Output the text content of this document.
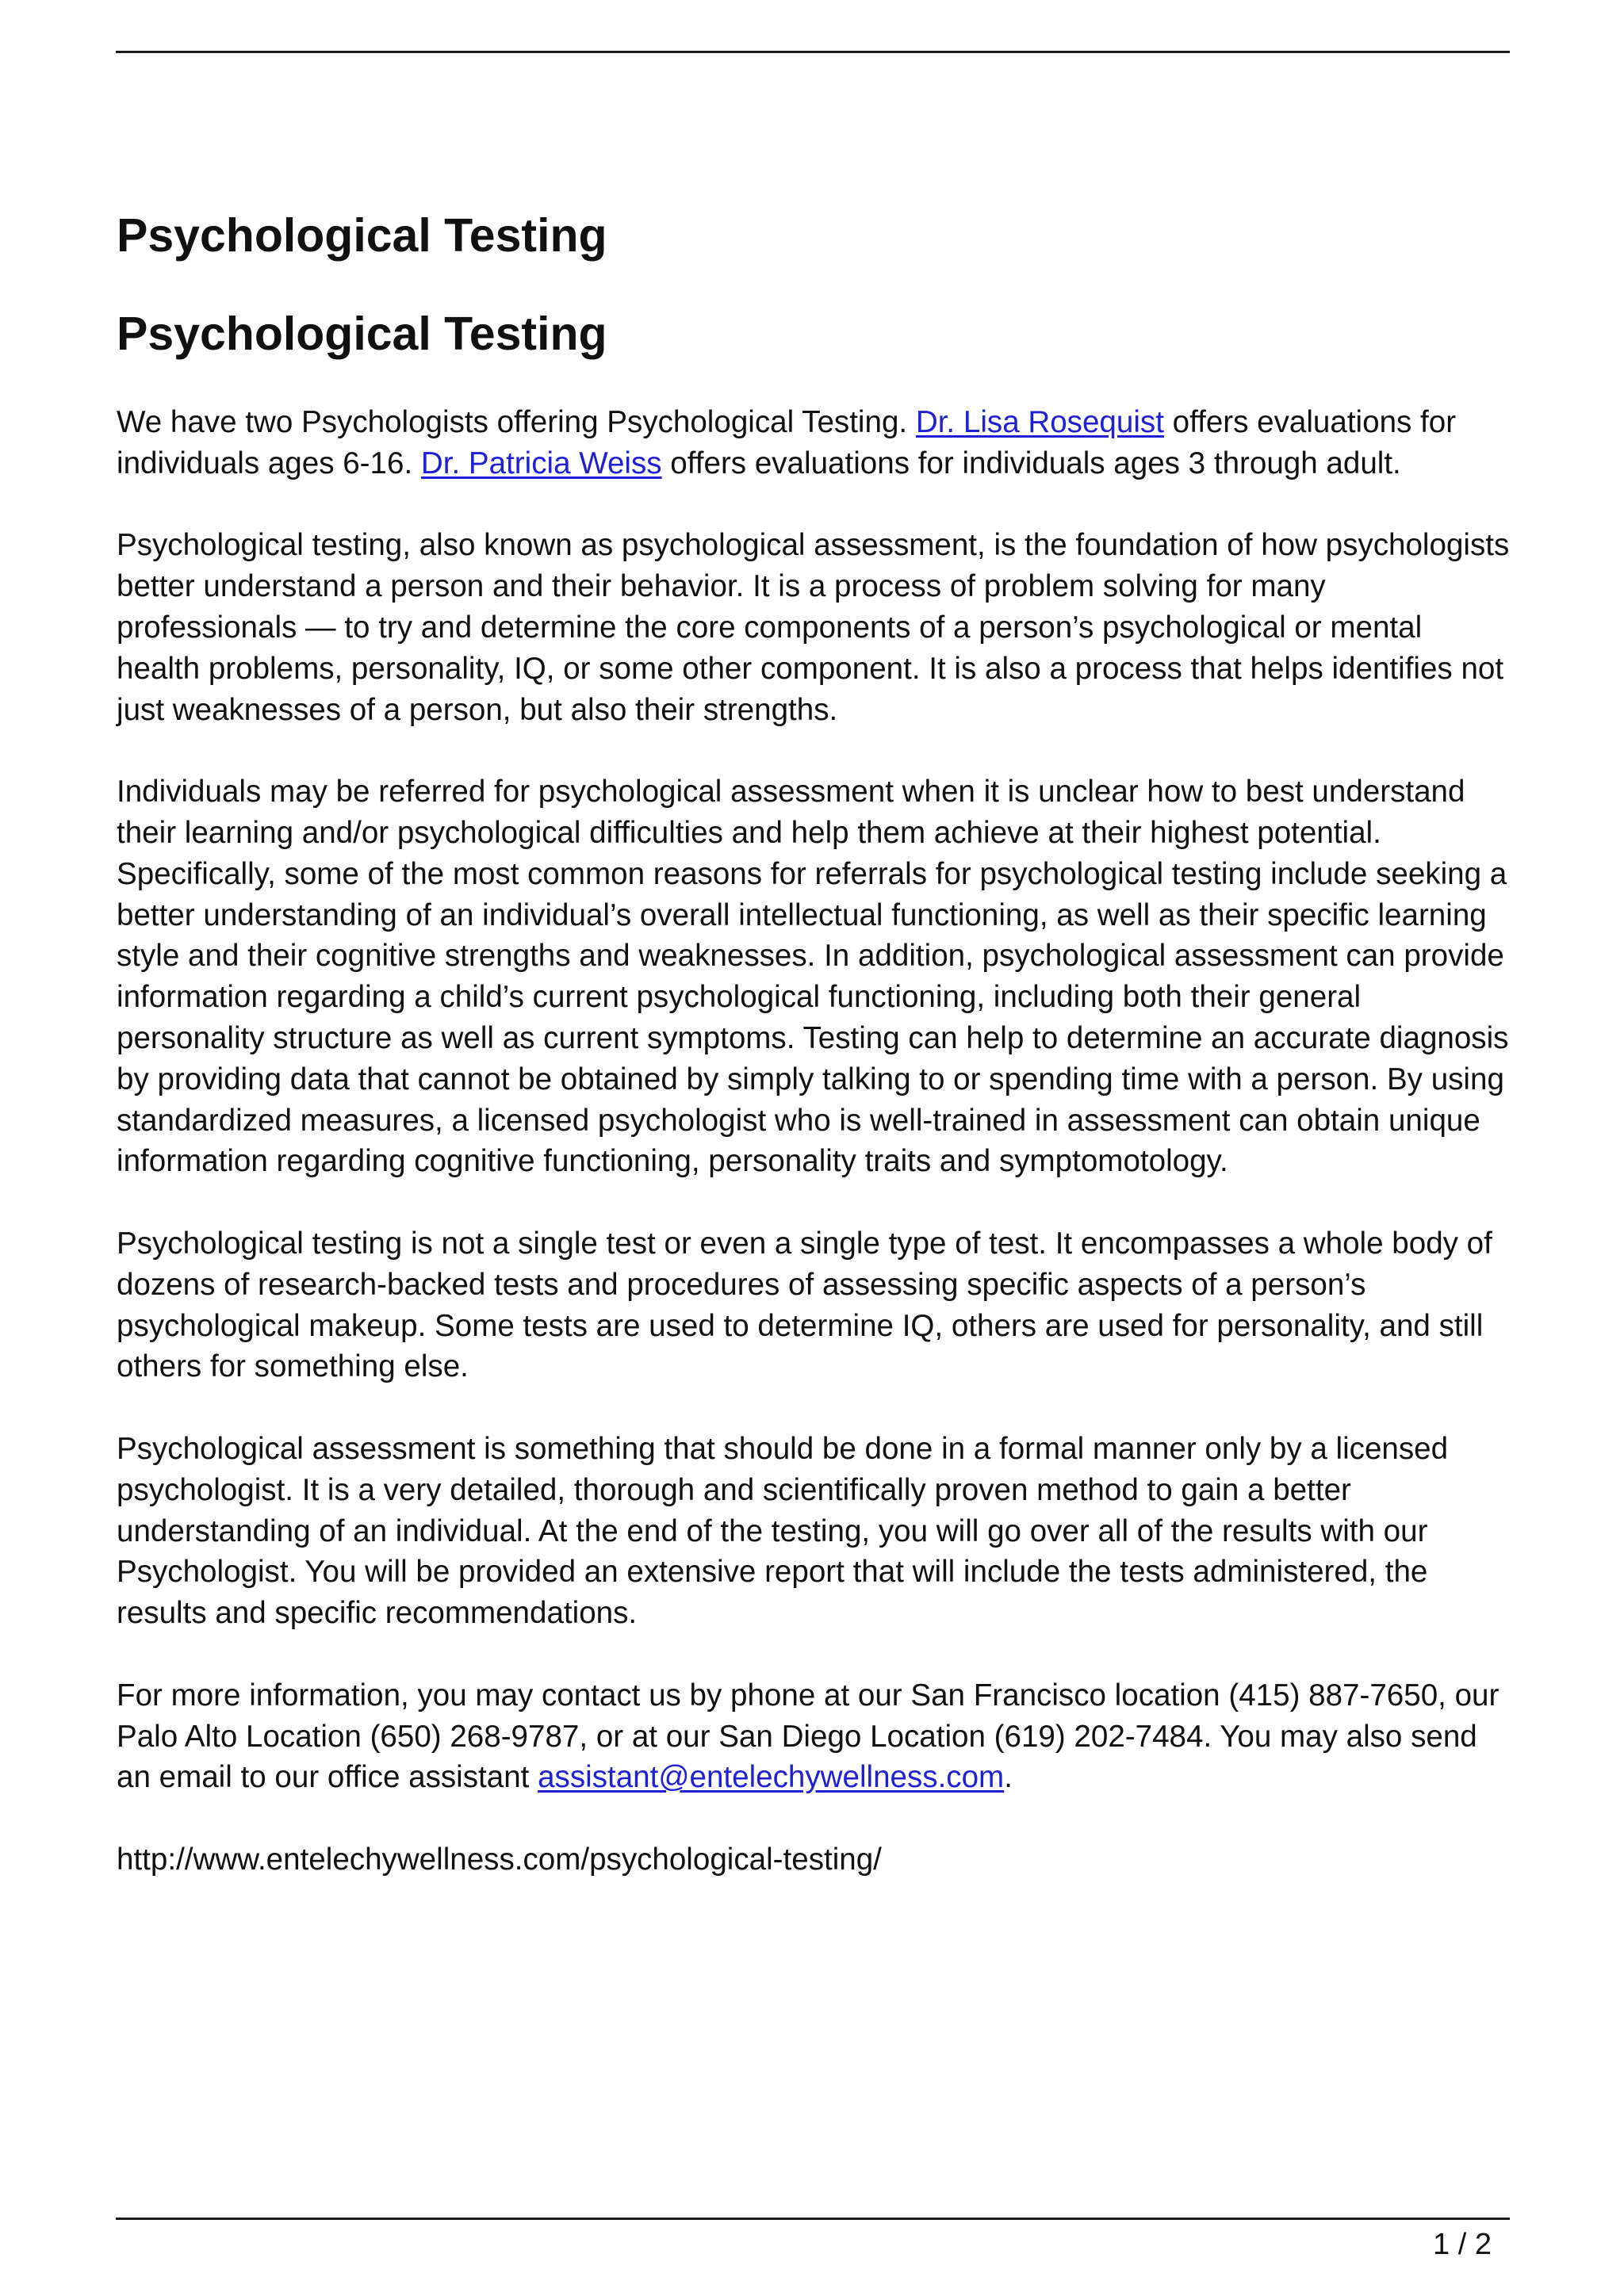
Psychological Testing
Psychological Testing

We have two Psychologists offering Psychological Testing. Dr. Lisa Rosequist offers evaluations for individuals ages 6-16. Dr. Patricia Weiss offers evaluations for individuals ages 3 through adult.

Psychological testing, also known as psychological assessment, is the foundation of how psychologists better understand a person and their behavior. It is a process of problem solving for many professionals — to try and determine the core components of a person’s psychological or mental health problems, personality, IQ, or some other component. It is also a process that helps identifies not just weaknesses of a person, but also their strengths.

Individuals may be referred for psychological assessment when it is unclear how to best understand their learning and/or psychological difficulties and help them achieve at their highest potential. Specifically, some of the most common reasons for referrals for psychological testing include seeking a better understanding of an individual’s overall intellectual functioning, as well as their specific learning style and their cognitive strengths and weaknesses. In addition, psychological assessment can provide information regarding a child’s current psychological functioning, including both their general personality structure as well as current symptoms. Testing can help to determine an accurate diagnosis by providing data that cannot be obtained by simply talking to or spending time with a person. By using standardized measures, a licensed psychologist who is well-trained in assessment can obtain unique information regarding cognitive functioning, personality traits and symptomotology.

Psychological testing is not a single test or even a single type of test. It encompasses a whole body of dozens of research-backed tests and procedures of assessing specific aspects of a person’s psychological makeup. Some tests are used to determine IQ, others are used for personality, and still others for something else.

Psychological assessment is something that should be done in a formal manner only by a licensed psychologist. It is a very detailed, thorough and scientifically proven method to gain a better understanding of an individual. At the end of the testing, you will go over all of the results with our Psychologist. You will be provided an extensive report that will include the tests administered, the results and specific recommendations.

For more information, you may contact us by phone at our San Francisco location (415) 887-7650, our Palo Alto Location (650) 268-9787, or at our San Diego Location (619) 202-7484. You may also send an email to our office assistant assistant@entelechywellness.com.

http://www.entelechywellness.com/psychological-testing/

1 / 2
